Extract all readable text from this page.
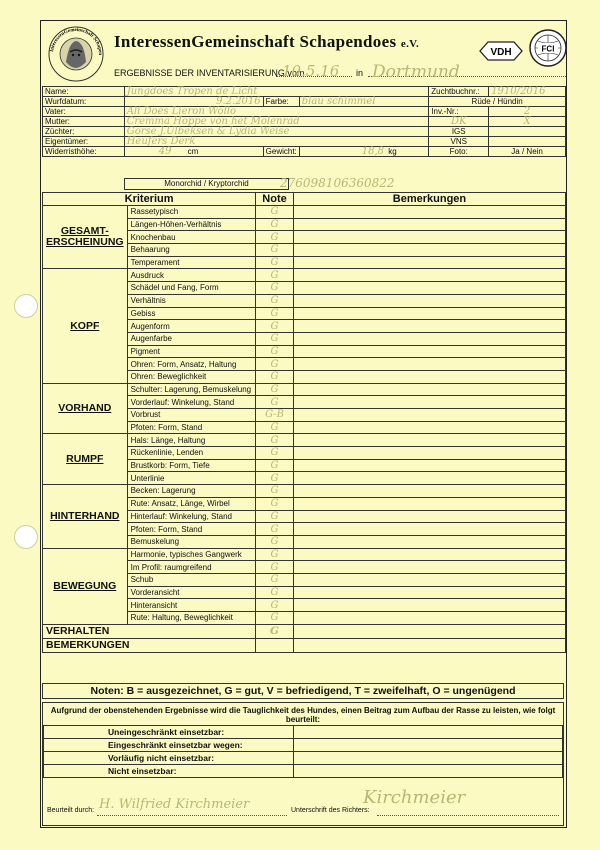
InteressenGemeinschaft Schapen
InteressenGemeinschaft Schapendoes e.V.
VDH	FCI
ERGEBNISSE DER INVENTARISIERUNG vom	in
10.5.16 Dortmund
Name:	Jungdoes Tropen de Licht			Zuchtbuchnr.:	1910/2016
Wurfdatum:	9.2.2016	Farbe:	blau schimmel	Rüde / Hündin	
Vater:	Ali Does Lieron Wollo			Inv.-Nr.:	2
Mutter:	Cremma Hoppe von het Molenrad			DK	X
Züchter:	Gorse J.Ulbeksen & Lydia Weise			IGS	
Eigentümer:	Heufers Derk			VNS	
Widerristhöhe:	49 cm	Gewicht:	18,8 kg	Foto:	Ja / Nein
Monorchid / Kryptorchid	276098106360822
Kriterium		Note	Bemerkungen
GESAMT-ERSCHEINUNG	Rassetypisch	G	
	Längen-Höhen-Verhältnis	G	
	Knochenbau	G	
	Behaarung	G	
	Temperament	G	
KOPF	Ausdruck	G	
	Schädel und Fang, Form	G	
	Verhältnis	G	
	Gebiss	G	
	Augenform	G	
	Augenfarbe	G	
	Pigment	G	
	Ohren: Form, Ansatz, Haltung	G	
	Ohren: Beweglichkeit	G	
VORHAND	Schulter: Lagerung, Bemuskelung	G	
	Vorderlauf: Winkelung, Stand	G	
	Vorbrust	G-B	
	Pfoten: Form, Stand	G	
RUMPF	Hals: Länge, Haltung	G	
	Rückenlinie, Lenden	G	
	Brustkorb: Form, Tiefe	G	
	Unterlinie	G	
HINTERHAND	Becken: Lagerung	G	
	Rute: Ansatz, Länge, Wirbel	G	
	Hinterlauf: Winkelung, Stand	G	
	Pfoten: Form, Stand	G	
	Bemuskelung	G	
BEWEGUNG	Harmonie, typisches Gangwerk	G	
	Im Profil: raumgreifend	G	
	Schub	G	
	Vorderansicht	G	
	Hinteransicht	G	
	Rute: Haltung, Beweglichkeit	G	
VERHALTEN		G	
BEMERKUNGEN			
Noten: B = ausgezeichnet, G = gut, V = befriedigend, T = zweifelhaft, O = ungenügend
Aufgrund der obenstehenden Ergebnisse wird die Tauglichkeit des Hundes, einen Beitrag zum Aufbau der Rasse zu leisten, wie folgt beurteilt:
Uneingeschränkt einsetzbar:	
Eingeschränkt einsetzbar wegen:	
Vorläufig nicht einsetzbar:	
Nicht einsetzbar:	
Beurteilt durch: H. Wilfried Kirchmeier	Unterschrift des Richters:
Kirchmeier
